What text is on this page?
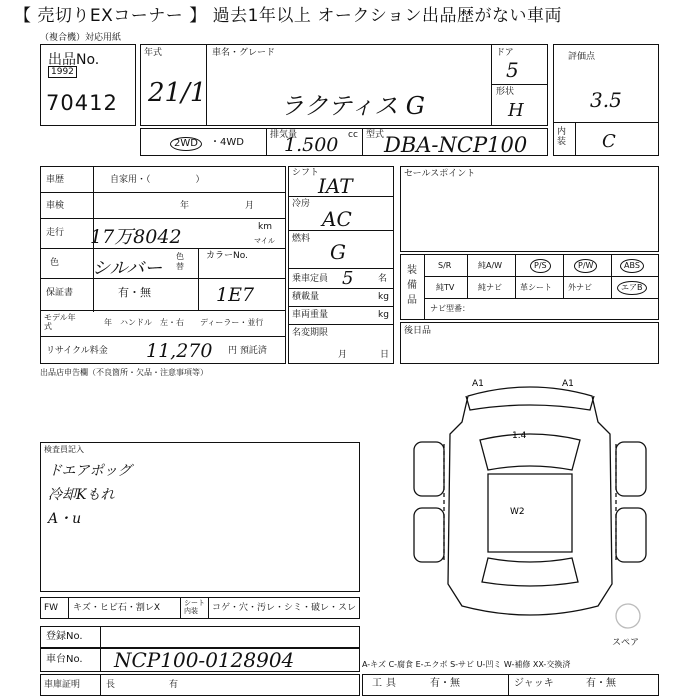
【 売切りEXコーナー 】 過去1年以上 オークション出品歴がない車両
（複合機）対応用紙
出品No.
1992
70412
年式
21/1
車名・グレード
ラクティス G
ドア
5
形状
H
評価点
3.5
内装 C
2WD	・4WD
排気量
1.500 cc 型式 DBA-NCP100
車歴	自家用・（　　　　　）
車検	年	月
走行 17万8042	km
マイル
色 シルバー
色替
カラーNo.
1E7
保証書	有・無
モデル年式	年　ハンドル　左・右　　ディーラー・並行
リサイクル料金 11,270 円 預託済
シフト
IAT
冷房
AC
燃料
G
乗車定員 5	名
積載量	kg
車両重量	kg
名変期限
月	日
セールスポイント
装備品
S/R	純A/W	P/S	P/W	ABS
純TV	純ナビ 革シート 外ナビ	エアB
ナビ型番：
後日品
出品店申告欄（不良箇所・欠品・注意事項等）
検査員記入
ドエアポッグ
冷却Kもれ
A・u
A1	A1
1.4
W2
スペア
FW キズ・ヒビ石・割レX	シート内装	コゲ・穴・汚レ・シミ・破レ・スレ
登録No.
車台No. NCP100-0128904	A-キズ C-腐食 E-エクボ S-サビ U-凹ミ W-補修 XX-交換済
車庫証明	長　　　　　　有	工具	有・無	ジャッキ	有・無
